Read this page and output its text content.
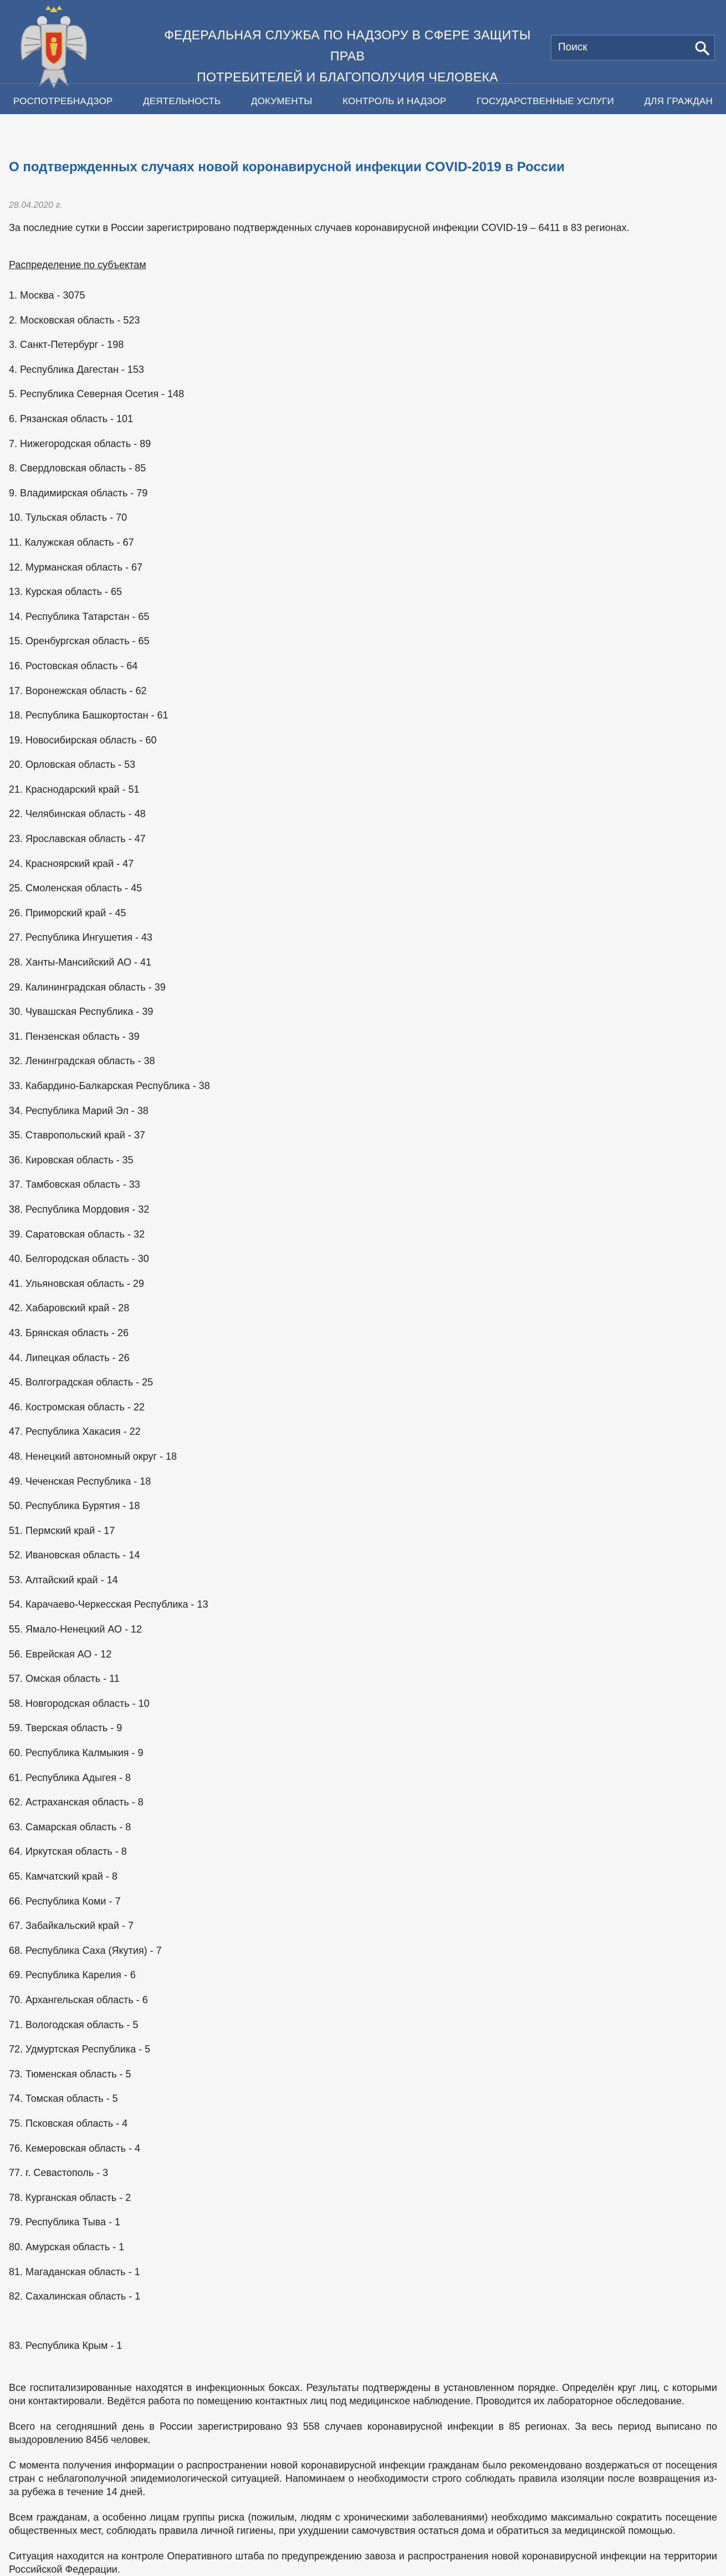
ФЕДЕРАЛЬНАЯ СЛУЖБА ПО НАДЗОРУ В СФЕРЕ ЗАЩИТЫ ПРАВ
ПОТРЕБИТЕЛЕЙ И БЛАГОПОЛУЧИЯ ЧЕЛОВЕКА
Поиск
РОСПОТРЕБНАДЗОР	ДЕЯТЕЛЬНОСТЬ	ДОКУМЕНТЫ	КОНТРОЛЬ И НАДЗОР	ГОСУДАРСТВЕННЫЕ УСЛУГИ	ДЛЯ ГРАЖДАН
О подтвержденных случаях новой коронавирусной инфекции COVID-2019 в России
28.04.2020 г.
За последние сутки в России зарегистрировано подтвержденных случаев коронавирусной инфекции COVID-19 – 6411 в 83 регионах.
Распределение по субъектам
1. Москва - 3075
2. Московская область - 523
3. Санкт-Петербург - 198
4. Республика Дагестан - 153
5. Республика Северная Осетия - 148
6. Рязанская область - 101
7. Нижегородская область - 89
8. Свердловская область - 85
9. Владимирская область - 79
10. Тульская область - 70
11. Калужская область - 67
12. Мурманская область - 67
13. Курская область - 65
14. Республика Татарстан - 65
15. Оренбургская область - 65
16. Ростовская область - 64
17. Воронежская область - 62
18. Республика Башкортостан - 61
19. Новосибирская область - 60
20. Орловская область - 53
21. Краснодарский край - 51
22. Челябинская область - 48
23. Ярославская область - 47
24. Красноярский край - 47
25. Смоленская область - 45
26. Приморский край - 45
27. Республика Ингушетия - 43
28. Ханты-Мансийский АО - 41
29. Калининградская область - 39
30. Чувашская Республика - 39
31. Пензенская область - 39
32. Ленинградская область - 38
33. Кабардино-Балкарская Республика - 38
34. Республика Марий Эл - 38
35. Ставропольский край - 37
36. Кировская область - 35
37. Тамбовская область - 33
38. Республика Мордовия - 32
39. Саратовская область - 32
40. Белгородская область - 30
41. Ульяновская область - 29
42. Хабаровский край - 28
43. Брянская область - 26
44. Липецкая область - 26
45. Волгоградская область - 25
46. Костромская область - 22
47. Республика Хакасия - 22
48. Ненецкий автономный округ - 18
49. Чеченская Республика - 18
50. Республика Бурятия - 18
51. Пермский край - 17
52. Ивановская область - 14
53. Алтайский край - 14
54. Карачаево-Черкесская Республика - 13
55. Ямало-Ненецкий АО - 12
56. Еврейская АО - 12
57. Омская область - 11
58. Новгородская область - 10
59. Тверская область - 9
60. Республика Калмыкия - 9
61. Республика Адыгея - 8
62. Астраханская область - 8
63. Самарская область - 8
64. Иркутская область - 8
65. Камчатский край - 8
66. Республика Коми - 7
67. Забайкальский край - 7
68. Республика Саха (Якутия) - 7
69. Республика Карелия - 6
70. Архангельская область - 6
71. Вологодская область - 5
72. Удмуртская Республика - 5
73. Тюменская область - 5
74. Томская область - 5
75. Псковская область - 4
76. Кемеровская область - 4
77. г. Севастополь - 3
78. Курганская область - 2
79. Республика Тыва - 1
80. Амурская область - 1
81. Магаданская область - 1
82. Сахалинская область - 1
83. Республика Крым - 1

Все госпитализированные находятся в инфекционных боксах. Результаты подтверждены в установленном порядке. Определён круг лиц, с которыми они контактировали. Ведётся работа по помещению контактных лиц под медицинское наблюдение. Проводится их лабораторное обследование.

Всего на сегодняшний день в России зарегистрировано 93 558 случаев коронавирусной инфекции в 85 регионах. За весь период выписано по выздоровлению 8456 человек.

С момента получения информации о распространении новой коронавирусной инфекции гражданам было рекомендовано воздержаться от посещения стран с неблагополучной эпидемиологической ситуацией. Напоминаем о необходимости строго соблюдать правила изоляции после возвращения из-за рубежа в течение 14 дней.

Всем гражданам, а особенно лицам группы риска (пожилым, людям с хроническими заболеваниями) необходимо максимально сократить посещение общественных мест, соблюдать правила личной гигиены, при ухудшении самочувствия остаться дома и обратиться за медицинской помощью.

Ситуация находится на контроле Оперативного штаба по предупреждению завоза и распространения новой коронавирусной инфекции на территории Российской Федерации.
